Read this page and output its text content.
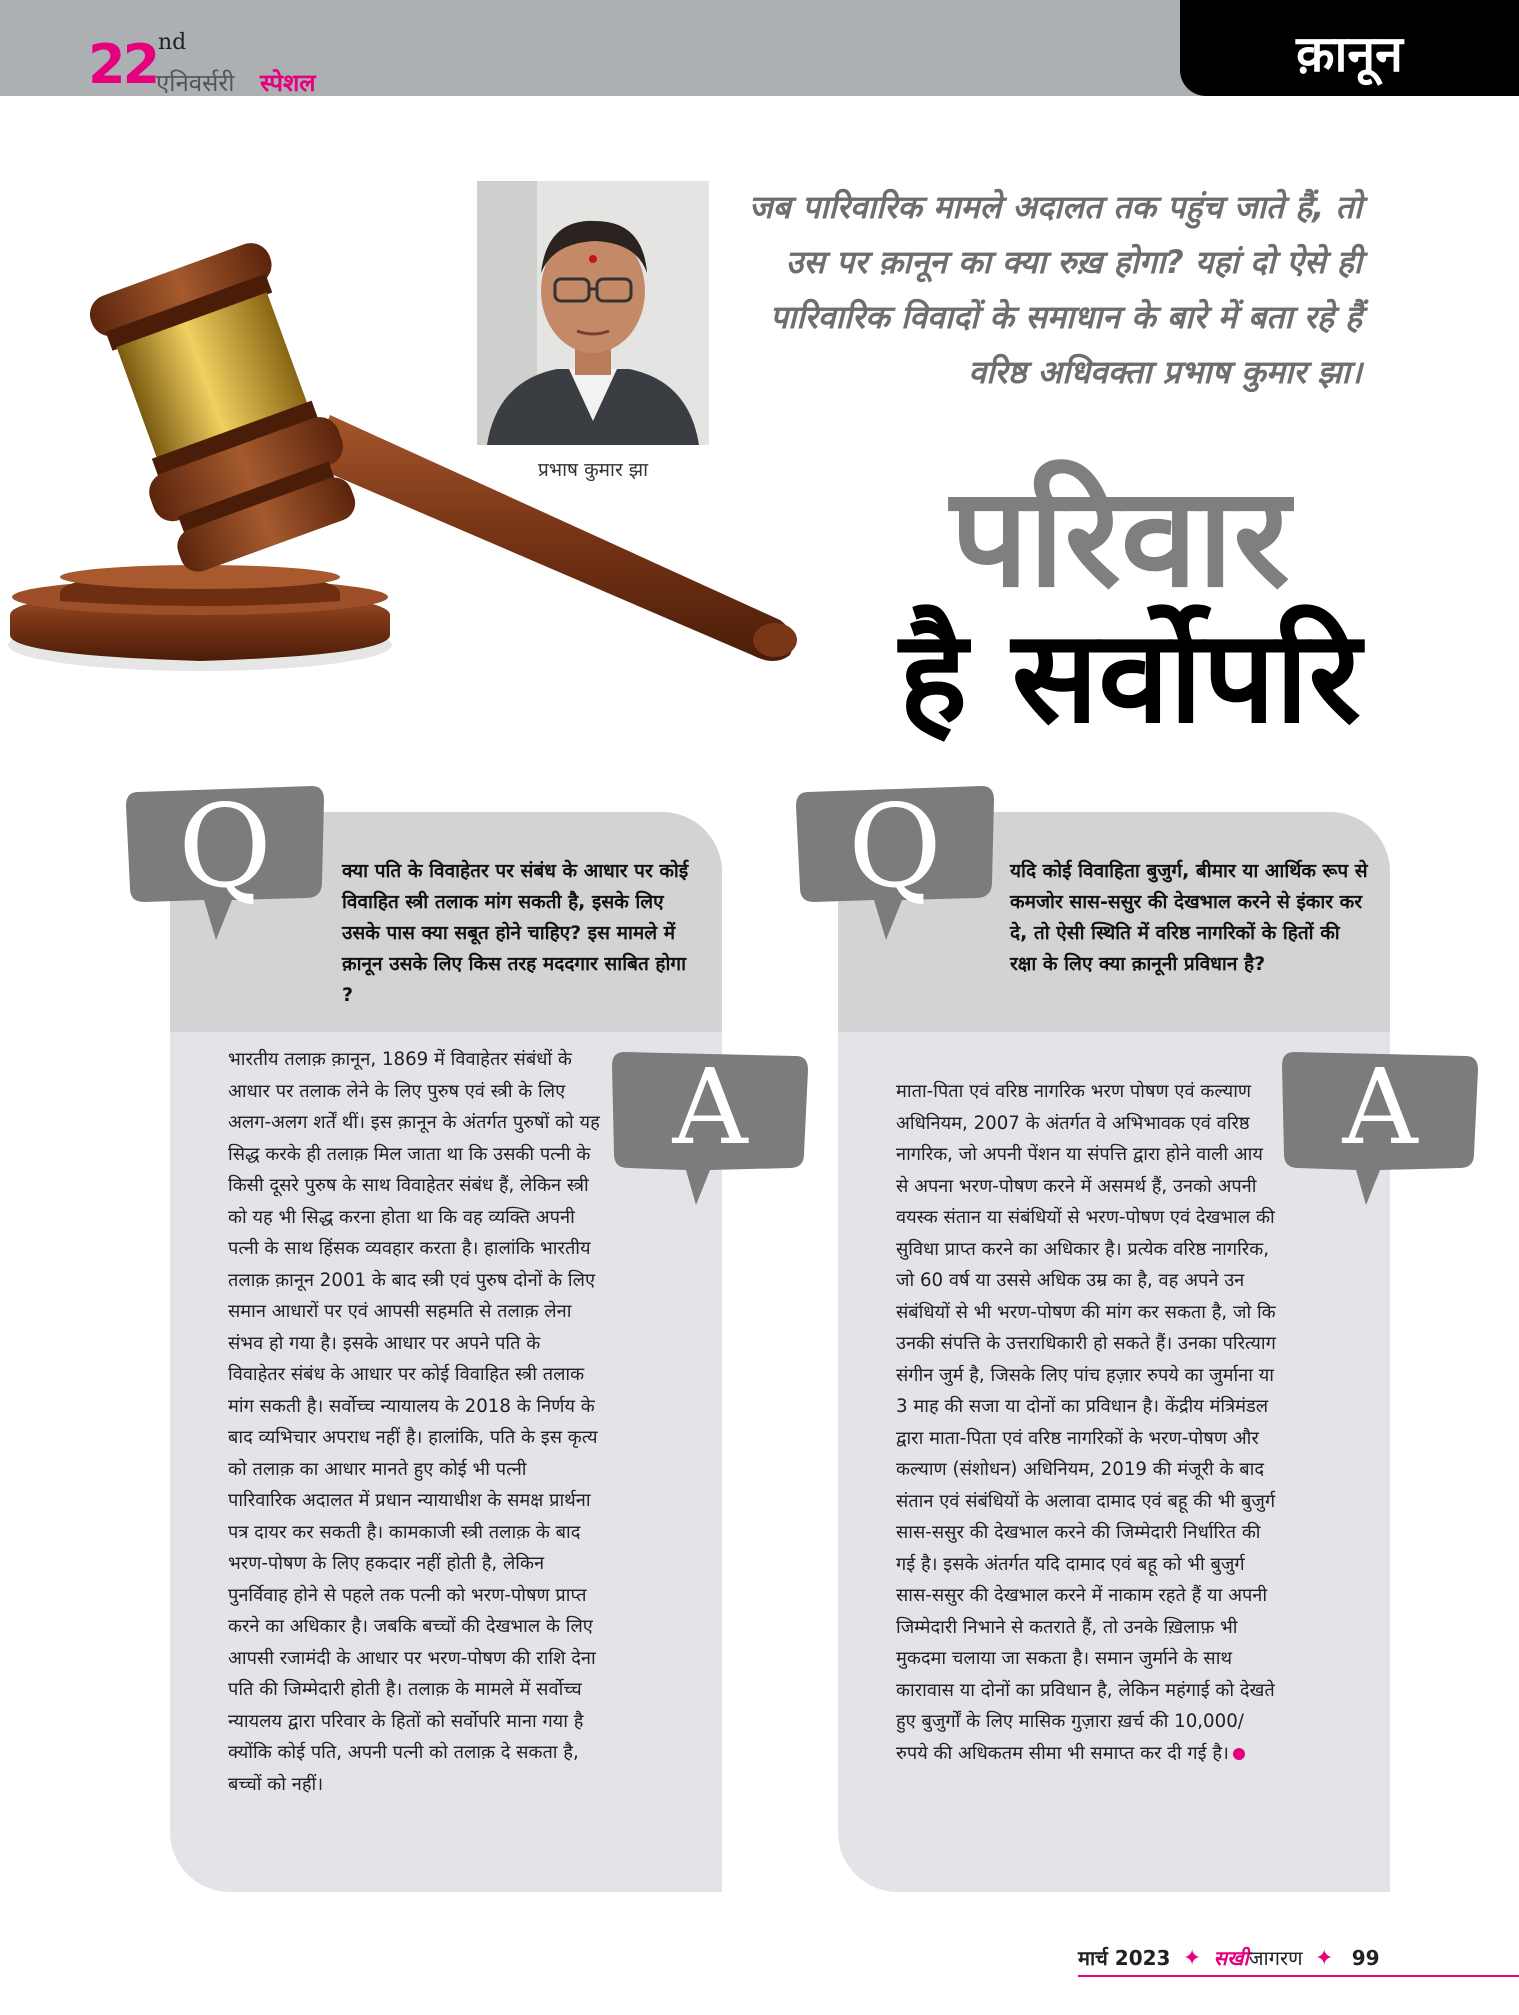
22 nd
एनिवर्सरी स्पेशल	क़ानून
प्रभाष कुमार झा
जब पारिवारिक मामले अदालत तक पहुंच जाते हैं, तो उस पर क़ानून का क्या रुख़ होगा? यहां दो ऐसे ही पारिवारिक विवादों के समाधान के बारे में बता रहे हैं वरिष्ठ अधिवक्ता प्रभाष कुमार झा।
परिवार
है सर्वोपरि
क्या पति के विवाहेतर पर संबंध के आधार पर कोई विवाहित स्त्री तलाक मांग सकती है, इसके लिए उसके पास क्या सबूत होने चाहिए? इस मामले में क़ानून उसके लिए किस तरह मददगार साबित होगा ?
भारतीय तलाक़ क़ानून, 1869 में विवाहेतर संबंधों के आधार पर तलाक लेने के लिए पुरुष एवं स्त्री के लिए अलग-अलग शर्तें थीं। इस क़ानून के अंतर्गत पुरुषों को यह सिद्ध करके ही तलाक़ मिल जाता था कि उसकी पत्नी के किसी दूसरे पुरुष के साथ विवाहेतर संबंध हैं, लेकिन स्त्री को यह भी सिद्ध करना होता था कि वह व्यक्ति अपनी पत्नी के साथ हिंसक व्यवहार करता है। हालांकि भारतीय तलाक़ क़ानून 2001 के बाद स्त्री एवं पुरुष दोनों के लिए समान आधारों पर एवं आपसी सहमति से तलाक़ लेना संभव हो गया है। इसके आधार पर अपने पति के विवाहेतर संबंध के आधार पर कोई विवाहित स्त्री तलाक मांग सकती है। सर्वोच्च न्यायालय के 2018 के निर्णय के बाद व्यभिचार अपराध नहीं है। हालांकि, पति के इस कृत्य को तलाक़ का आधार मानते हुए कोई भी पत्नी पारिवारिक अदालत में प्रधान न्यायाधीश के समक्ष प्रार्थना पत्र दायर कर सकती है। कामकाजी स्त्री तलाक़ के बाद भरण-पोषण के लिए हकदार नहीं होती है, लेकिन पुनर्विवाह होने से पहले तक पत्नी को भरण-पोषण प्राप्त करने का अधिकार है। जबकि बच्चों की देखभाल के लिए आपसी रजामंदी के आधार पर भरण-पोषण की राशि देना पति की जिम्मेदारी होती है। तलाक़ के मामले में सर्वोच्च न्यायलय द्वारा परिवार के हितों को सर्वोपरि माना गया है क्योंकि कोई पति, अपनी पत्नी को तलाक़ दे सकता है, बच्चों को नहीं।
Q
A
यदि कोई विवाहिता बुजुर्ग, बीमार या आर्थिक रूप से कमजोर सास-ससुर की देखभाल करने से इंकार कर दे, तो ऐसी स्थिति में वरिष्ठ नागरिकों के हितों की रक्षा के लिए क्या क़ानूनी प्रविधान है?
माता-पिता एवं वरिष्ठ नागरिक भरण पोषण एवं कल्याण अधिनियम, 2007 के अंतर्गत वे अभिभावक एवं वरिष्ठ नागरिक, जो अपनी पेंशन या संपत्ति द्वारा होने वाली आय से अपना भरण-पोषण करने में असमर्थ हैं, उनको अपनी वयस्क संतान या संबंधियों से भरण-पोषण एवं देखभाल की सुविधा प्राप्त करने का अधिकार है। प्रत्येक वरिष्ठ नागरिक, जो 60 वर्ष या उससे अधिक उम्र का है, वह अपने उन संबंधियों से भी भरण-पोषण की मांग कर सकता है, जो कि उनकी संपत्ति के उत्तराधिकारी हो सकते हैं। उनका परित्याग संगीन जुर्म है, जिसके लिए पांच हज़ार रुपये का जुर्माना या 3 माह की सजा या दोनों का प्रविधान है। केंद्रीय मंत्रिमंडल द्वारा माता-पिता एवं वरिष्ठ नागरिकों के भरण-पोषण और कल्याण (संशोधन) अधिनियम, 2019 की मंजूरी के बाद संतान एवं संबंधियों के अलावा दामाद एवं बहू की भी बुजुर्ग सास-ससुर की देखभाल करने की जिम्मेदारी निर्धारित की गई है। इसके अंतर्गत यदि दामाद एवं बहू को भी बुजुर्ग सास-ससुर की देखभाल करने में नाकाम रहते हैं या अपनी जिम्मेदारी निभाने से कतराते हैं, तो उनके ख़िलाफ़ भी मुकदमा चलाया जा सकता है। समान जुर्माने के साथ कारावास या दोनों का प्रविधान है, लेकिन महंगाई को देखते हुए बुजुर्गों के लिए मासिक गुज़ारा ख़र्च की 10,000/ रुपये की अधिकतम सीमा भी समाप्त कर दी गई है।
Q
A
मार्च 2023 ✦ सखीजागरण ✦ 99
